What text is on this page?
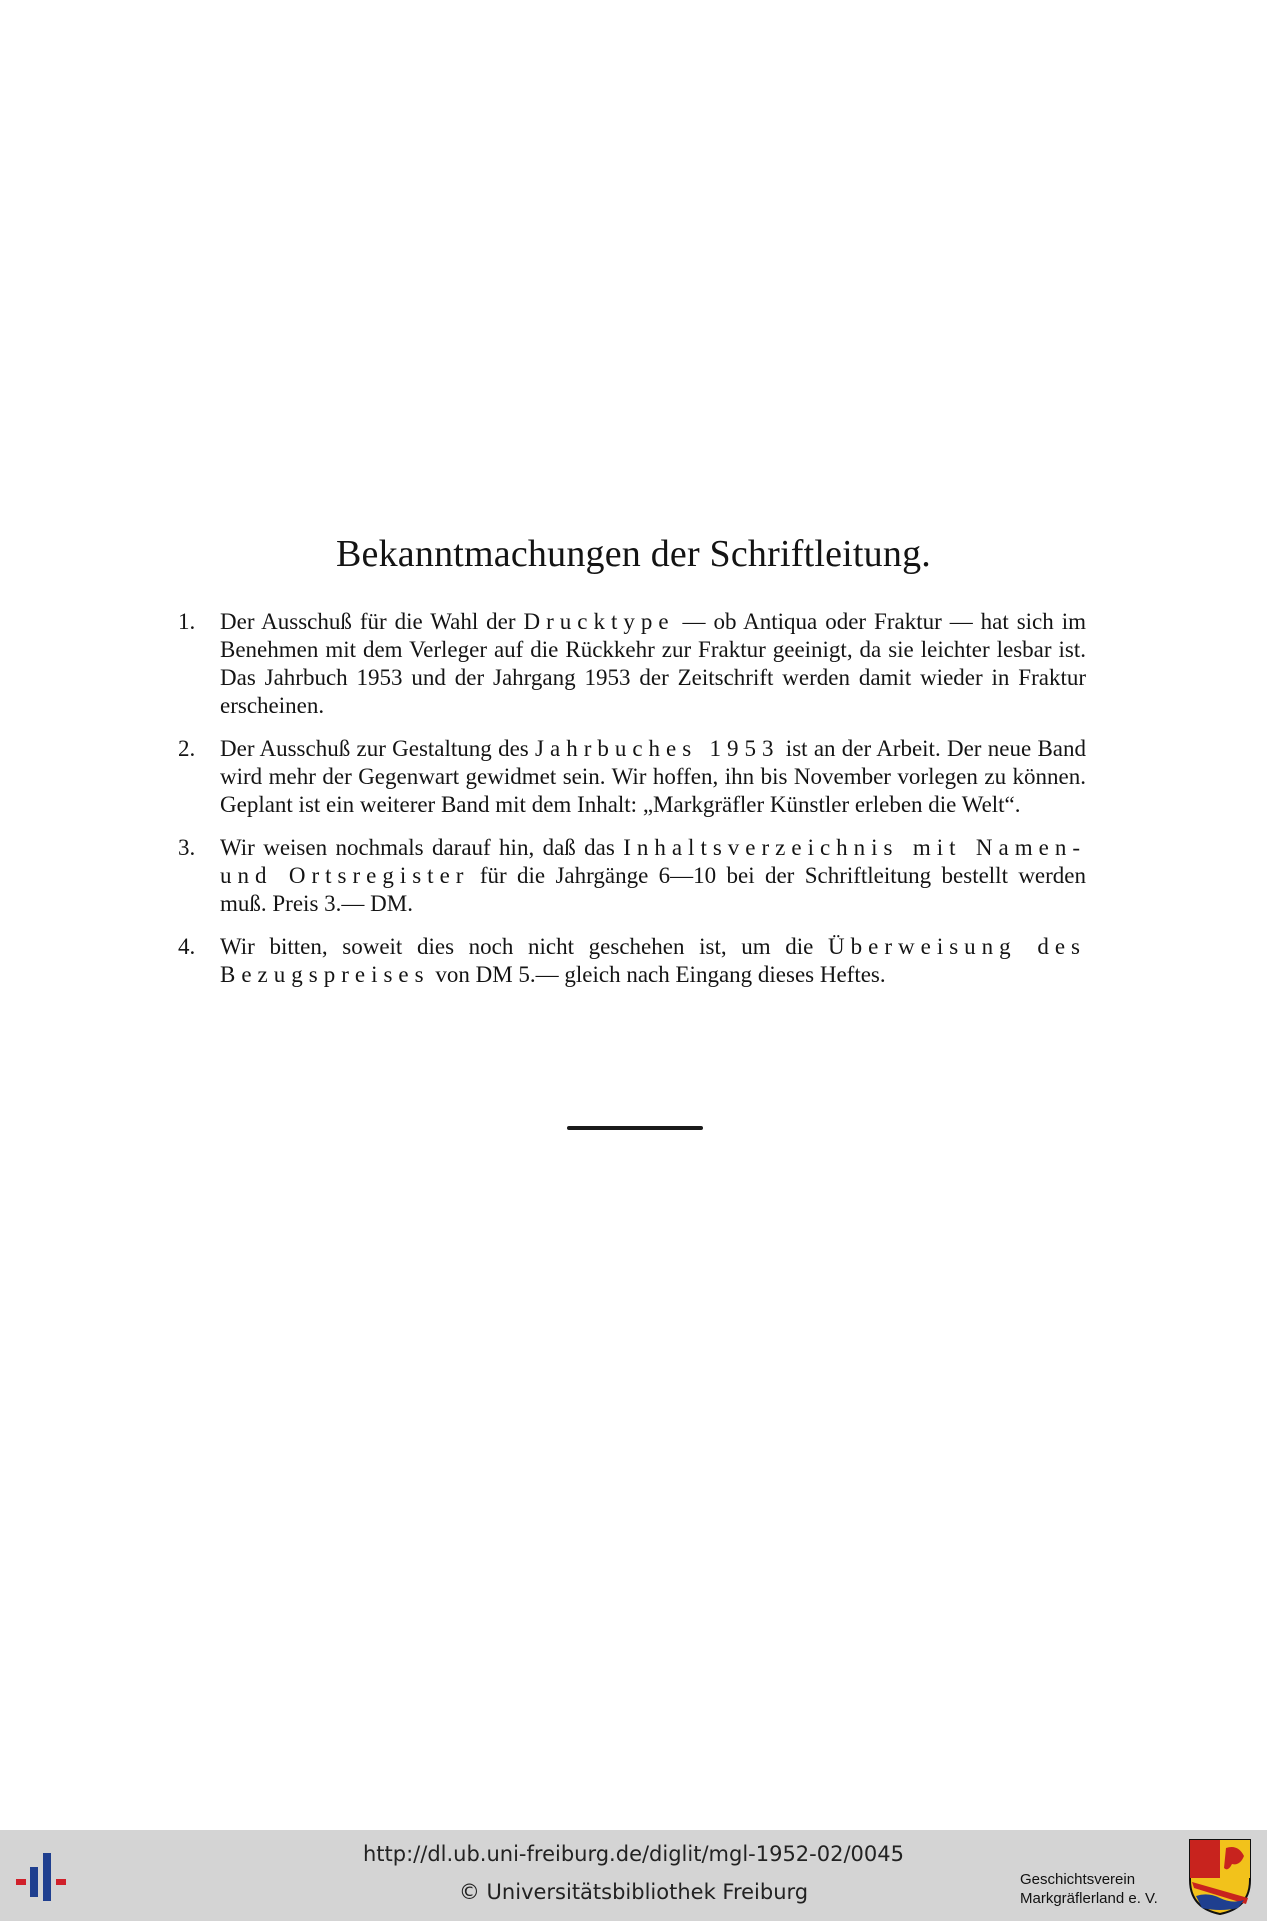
Bekanntmachungen der Schriftleitung.
1. Der Ausschuß für die Wahl der Drucktype — ob Antiqua oder Fraktur — hat sich im Benehmen mit dem Verleger auf die Rückkehr zur Fraktur geeinigt, da sie leichter lesbar ist. Das Jahrbuch 1953 und der Jahrgang 1953 der Zeitschrift werden damit wieder in Fraktur erscheinen.
2. Der Ausschuß zur Gestaltung des Jahrbuches 1953 ist an der Arbeit. Der neue Band wird mehr der Gegenwart gewidmet sein. Wir hoffen, ihn bis November vorlegen zu können. Geplant ist ein weiterer Band mit dem Inhalt: „Markgräfler Künstler erleben die Welt“.
3. Wir weisen nochmals darauf hin, daß das Inhaltsverzeichnis mit Namen- und Ortsregister für die Jahrgänge 6—10 bei der Schriftleitung bestellt werden muß. Preis 3.— DM.
4. Wir bitten, soweit dies noch nicht geschehen ist, um die Überweisung des Bezugspreises von DM 5.— gleich nach Eingang dieses Heftes.
http://dl.ub.uni-freiburg.de/diglit/mgl-1952-02/0045
© Universitätsbibliothek Freiburg
Geschichtsverein
Markgräflerland e. V.
